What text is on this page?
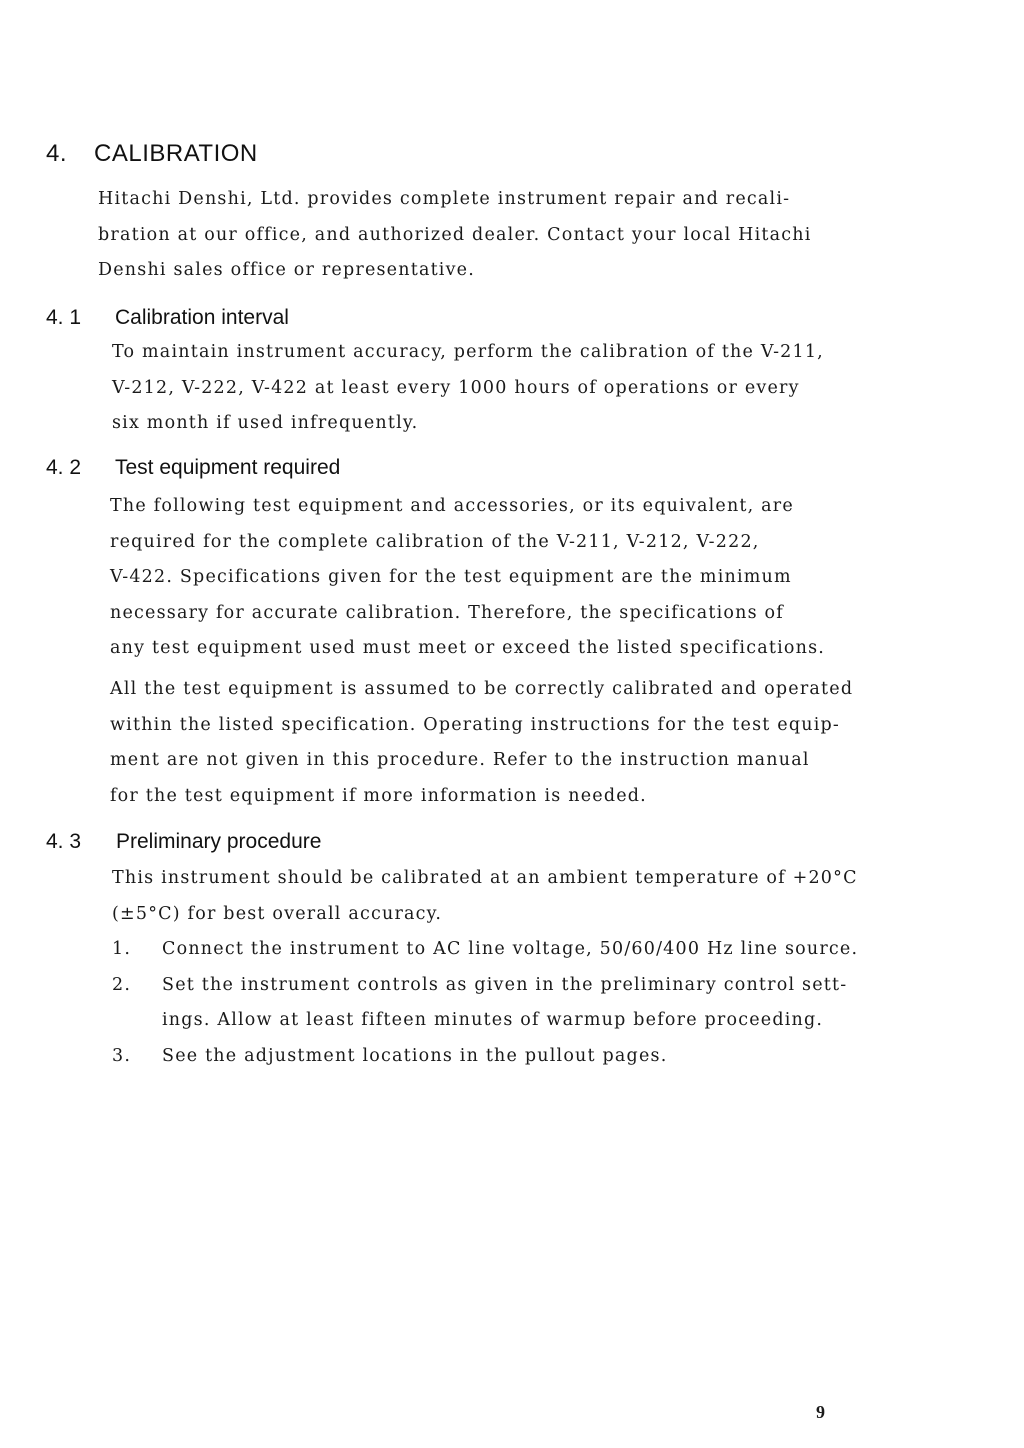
4. CALIBRATION

Hitachi Denshi, Ltd. provides complete instrument repair and recali-

bration at our office, and authorized dealer. Contact your local Hitachi

Denshi sales office or representative.

4. 1 Calibration interval

To maintain instrument accuracy, perform the calibration of the V-211,

V-212, V-222, V-422 at least every 1000 hours of operations or every

six month if used infrequently.

4. 2 Test equipment required

The following test equipment and accessories, or its equivalent, are

required for the complete calibration of the V-211, V-212, V-222,

V-422. Specifications given for the test equipment are the minimum

necessary for accurate calibration. Therefore, the specifications of

any test equipment used must meet or exceed the listed specifications.

All the test equipment is assumed to be correctly calibrated and operated

within the listed specification. Operating instructions for the test equip-

ment are not given in this procedure. Refer to the instruction manual

for the test equipment if more information is needed.

4. 3 Preliminary procedure

This instrument should be calibrated at an ambient temperature of +20°C

(±5°C) for best overall accuracy.

1. Connect the instrument to AC line voltage, 50/60/400 Hz line source.

2. Set the instrument controls as given in the preliminary control sett-

ings. Allow at least fifteen minutes of warmup before proceeding.

3. See the adjustment locations in the pullout pages.

9
